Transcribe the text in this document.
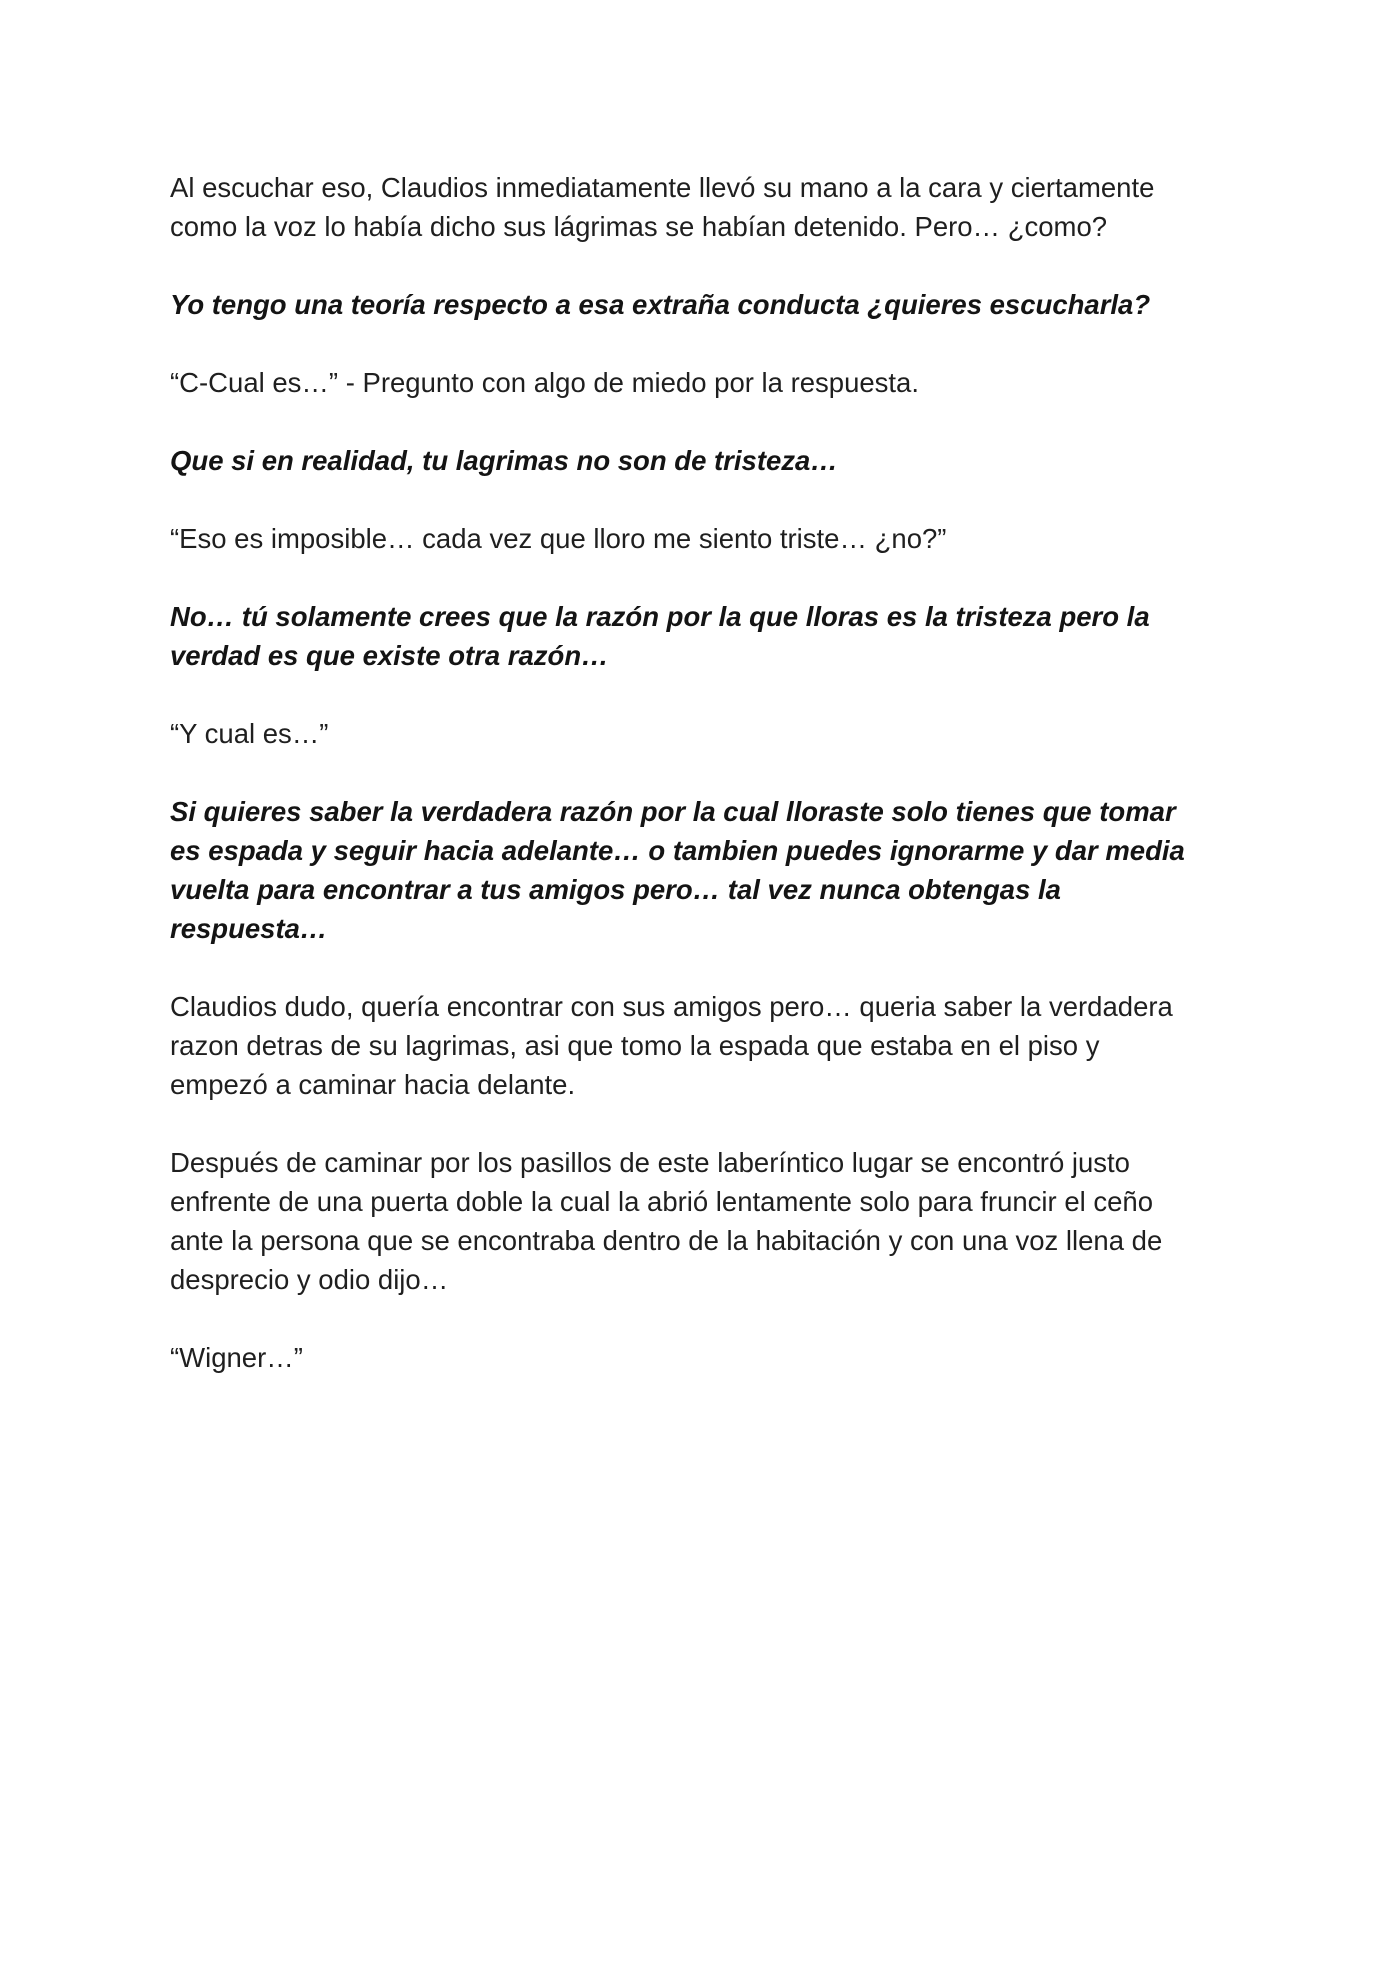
Al escuchar eso, Claudios inmediatamente llevó su mano a la cara y ciertamente
como la voz lo había dicho sus lágrimas se habían detenido. Pero… ¿como?

Yo tengo una teoría respecto a esa extraña conducta ¿quieres escucharla?

“C-Cual es…” - Pregunto con algo de miedo por la respuesta.

Que si en realidad, tu lagrimas no son de tristeza…

“Eso es imposible… cada vez que lloro me siento triste… ¿no?”

No… tú solamente crees que la razón por la que lloras es la tristeza pero la
verdad es que existe otra razón…

“Y cual es…”

Si quieres saber la verdadera razón por la cual lloraste solo tienes que tomar
es espada y seguir hacia adelante… o tambien puedes ignorarme y dar media
vuelta para encontrar a tus amigos pero… tal vez nunca obtengas la
respuesta…

Claudios dudo, quería encontrar con sus amigos pero… queria saber la verdadera
razon detras de su lagrimas, asi que tomo la espada que estaba en el piso y
empezó a caminar hacia delante.

Después de caminar por los pasillos de este laberíntico lugar se encontró justo
enfrente de una puerta doble la cual la abrió lentamente solo para fruncir el ceño
ante la persona que se encontraba dentro de la habitación y con una voz llena de
desprecio y odio dijo…

“Wigner…”
